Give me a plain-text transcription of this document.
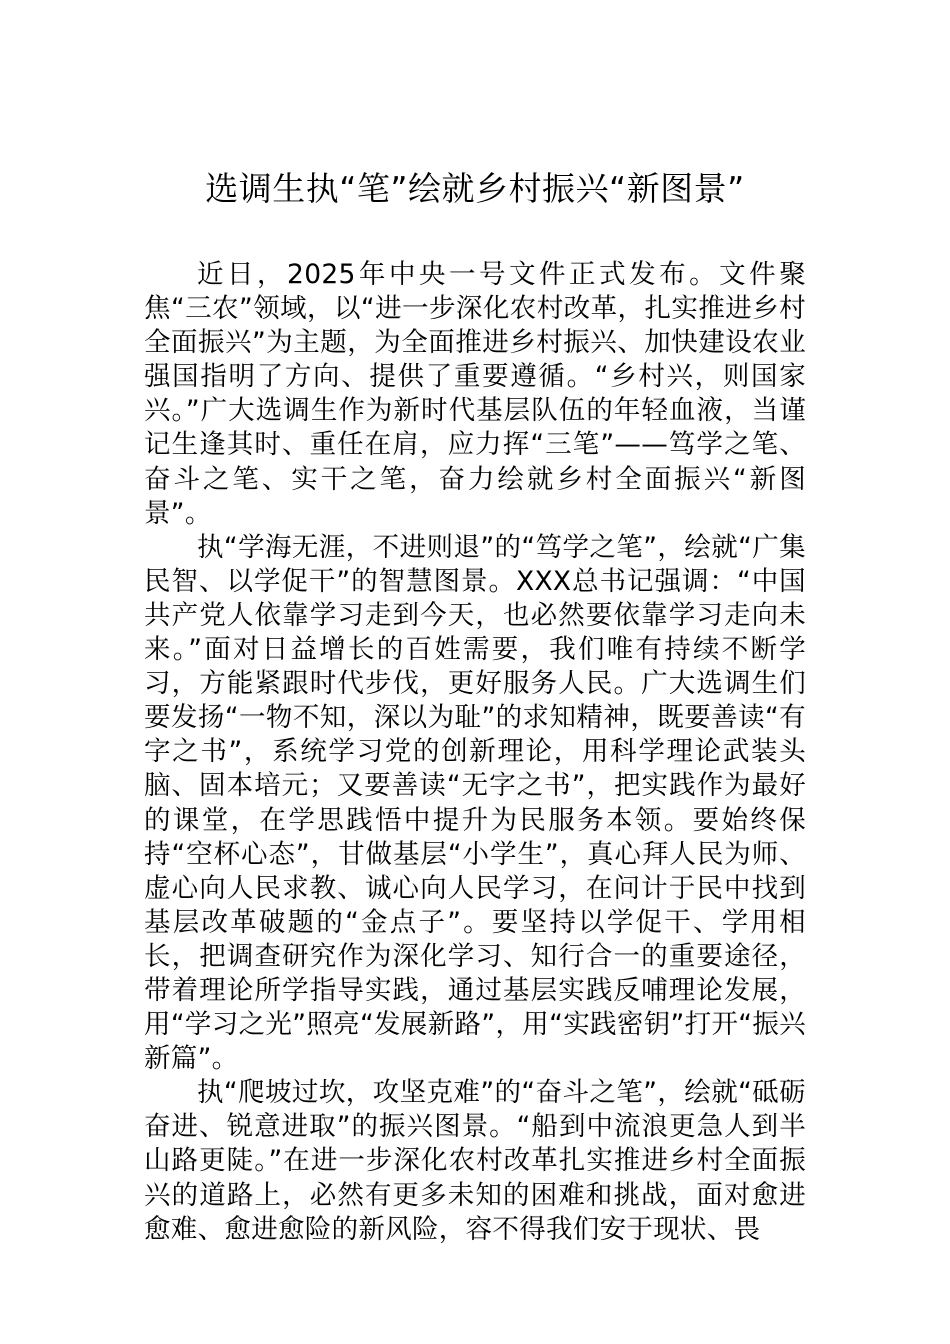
选调生执“笔”绘就乡村振兴“新图景”

近日，2025年中央一号文件正式发布。文件聚焦“三农”领域，以“进一步深化农村改革，扎实推进乡村全面振兴”为主题，为全面推进乡村振兴、加快建设农业强国指明了方向、提供了重要遵循。“乡村兴，则国家兴。”广大选调生作为新时代基层队伍的年轻血液，当谨记生逢其时、重任在肩，应力挥“三笔”——笃学之笔、奋斗之笔、实干之笔，奋力绘就乡村全面振兴“新图景”。

执“学海无涯，不进则退”的“笃学之笔”，绘就“广集民智、以学促干”的智慧图景。XXX总书记强调：“中国共产党人依靠学习走到今天，也必然要依靠学习走向未来。”面对日益增长的百姓需要，我们唯有持续不断学习，方能紧跟时代步伐，更好服务人民。广大选调生们要发扬“一物不知，深以为耻”的求知精神，既要善读“有字之书”，系统学习党的创新理论，用科学理论武装头脑、固本培元；又要善读“无字之书”，把实践作为最好的课堂，在学思践悟中提升为民服务本领。要始终保持“空杯心态”，甘做基层“小学生”，真心拜人民为师、虚心向人民求教、诚心向人民学习，在问计于民中找到基层改革破题的“金点子”。要坚持以学促干、学用相长，把调查研究作为深化学习、知行合一的重要途径，带着理论所学指导实践，通过基层实践反哺理论发展，用“学习之光”照亮“发展新路”，用“实践密钥”打开“振兴新篇”。

执“爬坡过坎，攻坚克难”的“奋斗之笔”，绘就“砥砺奋进、锐意进取”的振兴图景。“船到中流浪更急人到半山路更陡。”在进一步深化农村改革扎实推进乡村全面振兴的道路上，必然有更多未知的困难和挑战，面对愈进愈难、愈进愈险的新风险，容不得我们安于现状、畏
